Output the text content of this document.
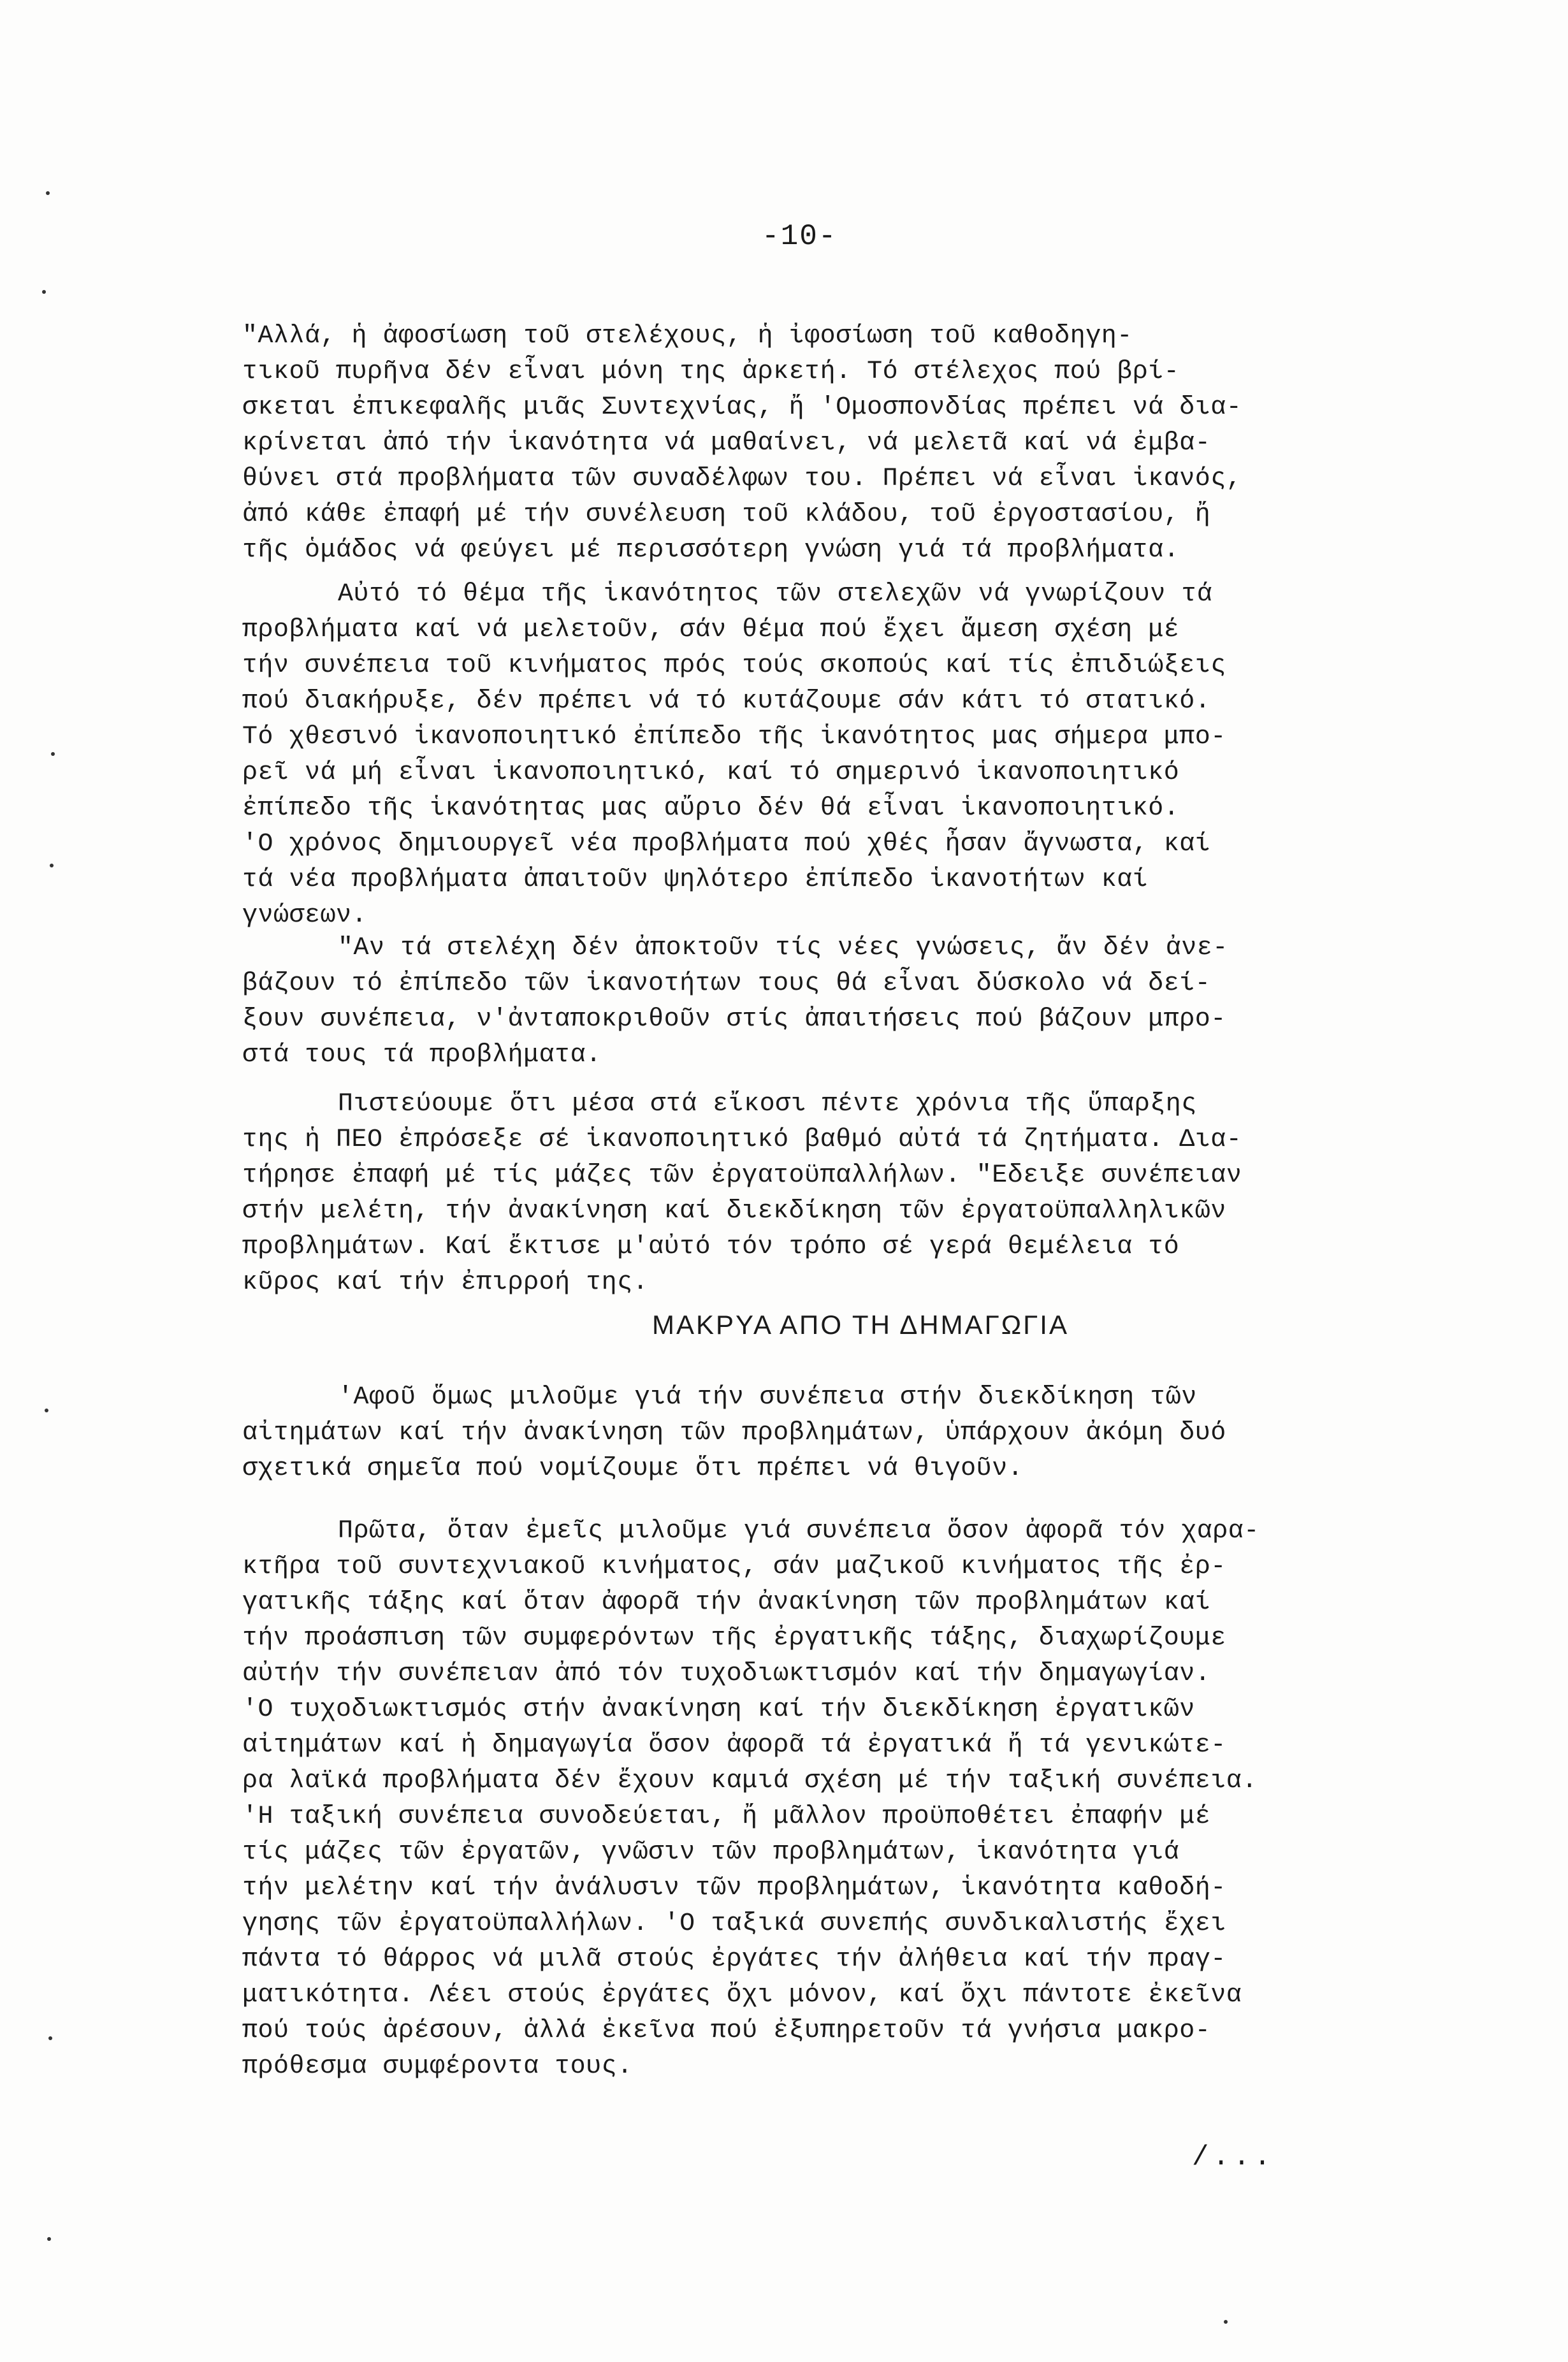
-10-
"Αλλά, ἡ ἀφοσίωση τοῦ στελέχους, ἡ ἰφοσίωση τοῦ καθοδηγη-
τικοῦ πυρῆνα δέν εἶναι μόνη της ἀρκετή. Τό στέλεχος πού βρί-
σκεται ἐπικεφαλῆς μιᾶς Συντεχνίας, ἤ 'Ομοσπονδίας πρέπει νά δια-
κρίνεται ἀπό τήν ἱκανότητα νά μαθαίνει, νά μελετᾶ καί νά ἐμβα-
θύνει στά προβλήματα τῶν συναδέλφων του. Πρέπει νά εἶναι ἱκανός,
ἀπό κάθε ἐπαφή μέ τήν συνέλευση τοῦ κλάδου, τοῦ ἐργοστασίου, ἤ
τῆς ὁμάδος νά φεύγει μέ περισσότερη γνώση γιά τά προβλήματα.
Αὐτό τό θέμα τῆς ἱκανότητος τῶν στελεχῶν νά γνωρίζουν τά
προβλήματα καί νά μελετοῦν, σάν θέμα πού ἔχει ἄμεση σχέση μέ
τήν συνέπεια τοῦ κινήματος πρός τούς σκοπούς καί τίς ἐπιδιώξεις
πού διακήρυξε, δέν πρέπει νά τό κυτάζουμε σάν κάτι τό στατικό.
Τό χθεσινό ἱκανοποιητικό ἐπίπεδο τῆς ἱκανότητος μας σήμερα μπο-
ρεῖ νά μή εἶναι ἱκανοποιητικό, καί τό σημερινό ἱκανοποιητικό
ἐπίπεδο τῆς ἱκανότητας μας αὔριο δέν θά εἶναι ἱκανοποιητικό.
'Ο χρόνος δημιουργεῖ νέα προβλήματα πού χθές ἦσαν ἄγνωστα, καί
τά νέα προβλήματα ἀπαιτοῦν ψηλότερο ἐπίπεδο ἱκανοτήτων καί
γνώσεων.
"Αν τά στελέχη δέν ἀποκτοῦν τίς νέες γνώσεις, ἄν δέν ἀνε-
βάζουν τό ἐπίπεδο τῶν ἱκανοτήτων τους θά εἶναι δύσκολο νά δεί-
ξουν συνέπεια, ν'ἀνταποκριθοῦν στίς ἀπαιτήσεις πού βάζουν μπρο-
στά τους τά προβλήματα.
Πιστεύουμε ὅτι μέσα στά εἴκοσι πέντε χρόνια τῆς ὕπαρξης
της ἡ ΠΕΟ ἐπρόσεξε σέ ἱκανοποιητικό βαθμό αὐτά τά ζητήματα. Δια-
τήρησε ἐπαφή μέ τίς μάζες τῶν ἐργατοϋπαλλήλων. "Εδειξε συνέπειαν
στήν μελέτη, τήν ἀνακίνηση καί διεκδίκηση τῶν ἐργατοϋπαλληλικῶν
προβλημάτων. Καί ἔκτισε μ'αὐτό τόν τρόπο σέ γερά θεμέλεια τό
κῦρος καί τήν ἐπιρροή της.
ΜΑΚΡΥΑ ΑΠΟ ΤΗ ΔΗΜΑΓΩΓΙΑ
'Αφοῦ ὅμως μιλοῦμε γιά τήν συνέπεια στήν διεκδίκηση τῶν
αἰτημάτων καί τήν ἀνακίνηση τῶν προβλημάτων, ὑπάρχουν ἀκόμη δυό
σχετικά σημεῖα πού νομίζουμε ὅτι πρέπει νά θιγοῦν.
Πρῶτα, ὅταν ἐμεῖς μιλοῦμε γιά συνέπεια ὅσον ἀφορᾶ τόν χαρα-
κτῆρα τοῦ συντεχνιακοῦ κινήματος, σάν μαζικοῦ κινήματος τῆς ἐρ-
γατικῆς τάξης καί ὅταν ἀφορᾶ τήν ἀνακίνηση τῶν προβλημάτων καί
τήν προάσπιση τῶν συμφερόντων τῆς ἐργατικῆς τάξης, διαχωρίζουμε
αὐτήν τήν συνέπειαν ἀπό τόν τυχοδιωκτισμόν καί τήν δημαγωγίαν.
'Ο τυχοδιωκτισμός στήν ἀνακίνηση καί τήν διεκδίκηση ἐργατικῶν
αἰτημάτων καί ἡ δημαγωγία ὅσον ἀφορᾶ τά ἐργατικά ἤ τά γενικώτε-
ρα λαϊκά προβλήματα δέν ἔχουν καμιά σχέση μέ τήν ταξική συνέπεια.
'Η ταξική συνέπεια συνοδεύεται, ἤ μᾶλλον προϋποθέτει ἐπαφήν μέ
τίς μάζες τῶν ἐργατῶν, γνῶσιν τῶν προβλημάτων, ἱκανότητα γιά
τήν μελέτην καί τήν ἀνάλυσιν τῶν προβλημάτων, ἱκανότητα καθοδή-
γησης τῶν ἐργατοϋπαλλήλων. 'Ο ταξικά συνεπής συνδικαλιστής ἔχει
πάντα τό θάρρος νά μιλᾶ στούς ἐργάτες τήν ἀλήθεια καί τήν πραγ-
ματικότητα. Λέει στούς ἐργάτες ὄχι μόνον, καί ὄχι πάντοτε ἐκεῖνα
πού τούς ἀρέσουν, ἀλλά ἐκεῖνα πού ἐξυπηρετοῦν τά γνήσια μακρο-
πρόθεσμα συμφέροντα τους.
/...
